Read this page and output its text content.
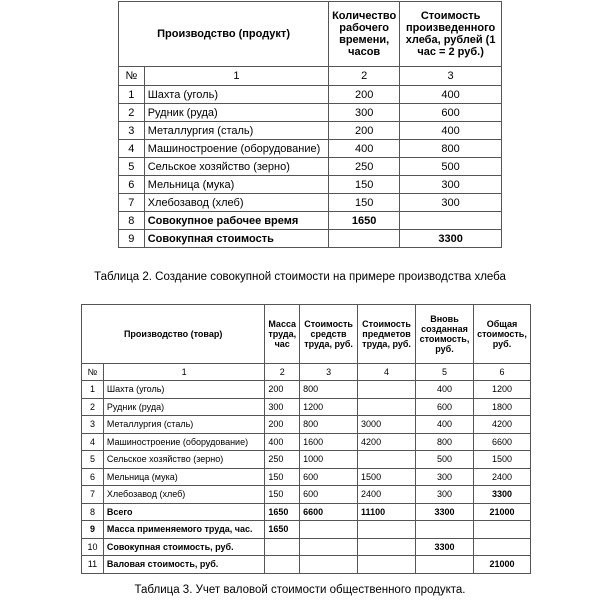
Производство (продукт)		Количество рабочего времени, часов	Стоимость произведенного хлеба, рублей (1 час = 2 руб.)
№	1	2	3
1	Шахта (уголь)	200	400
2	Рудник (руда)	300	600
3	Металлургия (сталь)	200	400
4	Машиностроение (оборудование)	400	800
5	Сельское хозяйство (зерно)	250	500
6	Мельница (мука)	150	300
7	Хлебозавод (хлеб)	150	300
8	Совокупное рабочее время	1650	
9	Совокупная стоимость		3300
Таблица 2. Создание совокупной стоимости на примере производства хлеба
Производство (товар)		Масса труда, час	Стоимость средств труда, руб.	Стоимость предметов труда, руб.	Вновь созданная стоимость, руб.	Общая стоимость, руб.
№	1	2	3	4	5	6
1	Шахта (уголь)	200	800		400	1200
2	Рудник (руда)	300	1200		600	1800
3	Металлургия (сталь)	200	800	3000	400	4200
4	Машиностроение (оборудование)	400	1600	4200	800	6600
5	Сельское хозяйство (зерно)	250	1000		500	1500
6	Мельница (мука)	150	600	1500	300	2400
7	Хлебозавод (хлеб)	150	600	2400	300	3300
8	Всего	1650	6600	11100	3300	21000
9	Масса применяемого труда, час.	1650				
10	Совокупная стоимость, руб.				3300	
11	Валовая стоимость, руб.					21000
Таблица 3. Учет валовой стоимости общественного продукта.
